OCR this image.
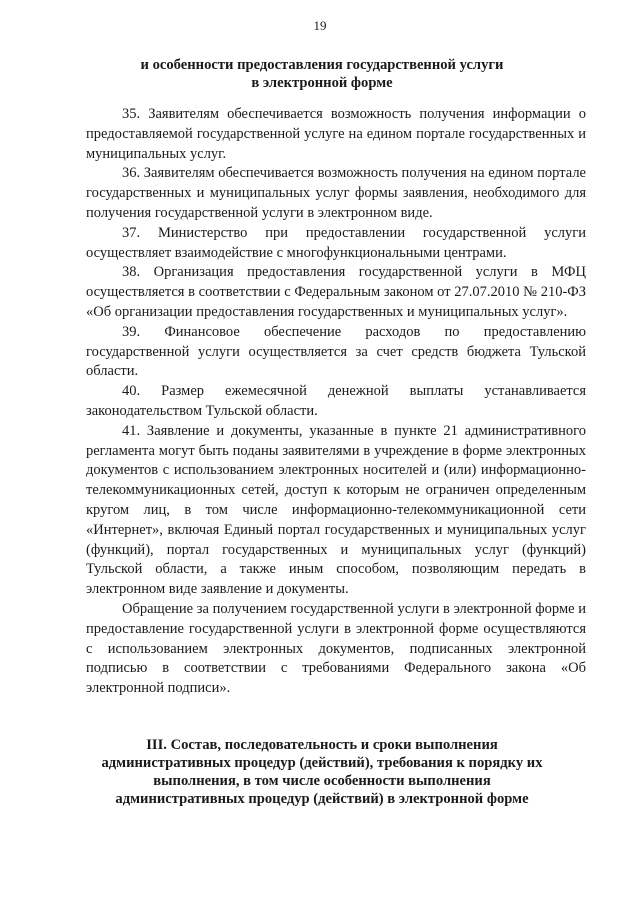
19
и особенности предоставления государственной услуги
в электронной форме

35. Заявителям обеспечивается возможность получения информации о предоставляемой государственной услуге на едином портале государственных и муниципальных услуг.

36. Заявителям обеспечивается возможность получения на едином портале государственных и муниципальных услуг формы заявления, необходимого для получения государственной услуги в электронном виде.

37. Министерство при предоставлении государственной услуги осуществляет взаимодействие с многофункциональными центрами.

38. Организация предоставления государственной услуги в МФЦ осуществляется в соответствии с Федеральным законом от 27.07.2010 № 210-ФЗ «Об организации предоставления государственных и муниципальных услуг».

39. Финансовое обеспечение расходов по предоставлению государственной услуги осуществляется за счет средств бюджета Тульской области.

40. Размер ежемесячной денежной выплаты устанавливается законодательством Тульской области.

41. Заявление и документы, указанные в пункте 21 административного регламента могут быть поданы заявителями в учреждение в форме электронных документов с использованием электронных носителей и (или) информационно-телекоммуникационных сетей, доступ к которым не ограничен определенным кругом лиц, в том числе информационно-телекоммуникационной сети «Интернет», включая Единый портал государственных и муниципальных услуг (функций), портал государственных и муниципальных услуг (функций) Тульской области, а также иным способом, позволяющим передать в электронном виде заявление и документы.

Обращение за получением государственной услуги в электронной форме и предоставление государственной услуги в электронной форме осуществляются с использованием электронных документов, подписанных электронной подписью в соответствии с требованиями Федерального закона «Об электронной подписи».

III. Состав, последовательность и сроки выполнения
административных процедур (действий), требования к порядку их
выполнения, в том числе особенности выполнения
административных процедур (действий) в электронной форме
